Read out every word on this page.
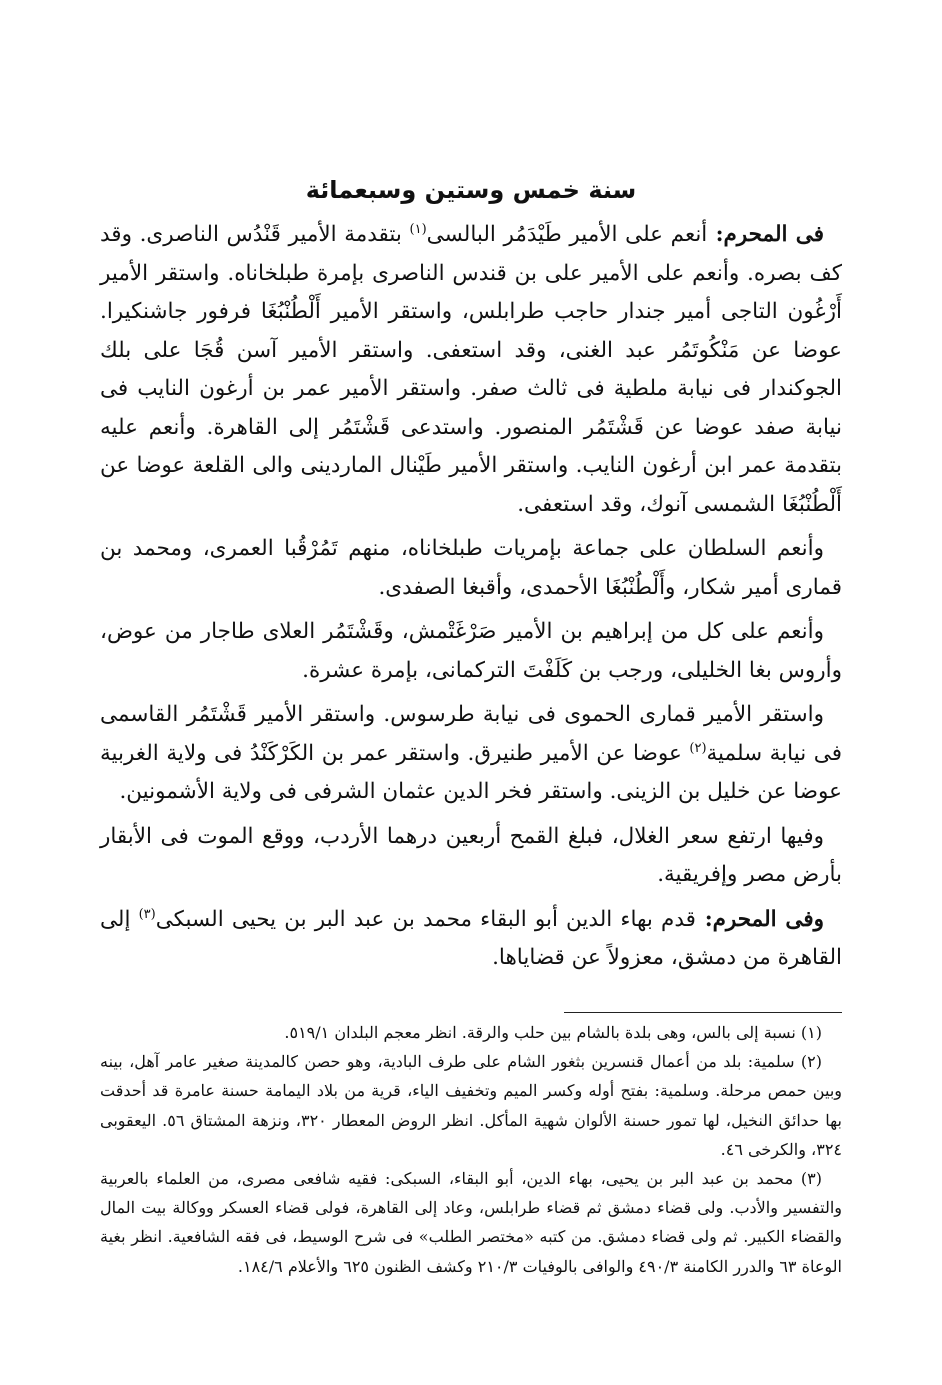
سنة خمس وستين وسبعمائة

فى المحرم: أنعم على الأمير طَيْدَمُر البالسى$^{(١)}$ بتقدمة الأمير قَنْدُس الناصرى. وقد كف بصره. وأنعم على الأمير على بن قندس الناصرى بإمرة طبلخاناه. واستقر الأمير أَرْغُون التاجى أمير جندار حاجب طرابلس، واستقر الأمير أَلْطُنْبُغَا فرفور جاشنكيرا. عوضا عن مَنْكُوتَمُر عبد الغنى، وقد استعفى. واستقر الأمير آسن قُجَا على بلك الجوكندار فى نيابة ملطية فى ثالث صفر. واستقر الأمير عمر بن أرغون النايب فى نيابة صفد عوضا عن قَشْتَمُر المنصور. واستدعى قَشْتَمُر إلى القاهرة. وأنعم عليه بتقدمة عمر ابن أرغون النايب. واستقر الأمير طَيْنال الماردينى والى القلعة عوضا عن أَلْطُنْبُغَا الشمسى آنوك، وقد استعفى.

وأنعم السلطان على جماعة بإمريات طبلخاناه، منهم تَمُرْقُبا العمرى، ومحمد بن قمارى أمير شكار، وأَلْطُنْبُغَا الأحمدى، وأقبغا الصفدى.

وأنعم على كل من إبراهيم بن الأمير صَرْغَتْمش، وقَشْتَمُر العلاى طاجار من عوض، وأروس بغا الخليلى، ورجب بن كَلَفْتَ التركمانى، بإمرة عشرة.

واستقر الأمير قمارى الحموى فى نيابة طرسوس. واستقر الأمير قَشْتَمُر القاسمى فى نيابة سلمية$^{(٢)}$ عوضا عن الأمير طنيرق. واستقر عمر بن الكَرْكَنْدُ فى ولاية الغربية عوضا عن خليل بن الزينى. واستقر فخر الدين عثمان الشرفى فى ولاية الأشمونين.

وفيها ارتفع سعر الغلال، فبلغ القمح أربعين درهما الأردب، ووقع الموت فى الأبقار بأرض مصر وإفريقية.

وفى المحرم: قدم بهاء الدين أبو البقاء محمد بن عبد البر بن يحيى السبكى$^{(٣)}$ إلى القاهرة من دمشق، معزولاً عن قضاياها.

(١) نسبة إلى بالس، وهى بلدة بالشام بين حلب والرقة. انظر معجم البلدان ٥١٩/١.

(٢) سلمية: بلد من أعمال قنسرين بثغور الشام على طرف البادية، وهو حصن كالمدينة صغير عامر آهل، بينه وبين حمص مرحلة. وسلمية: بفتح أوله وكسر الميم وتخفيف الياء، قرية من بلاد اليمامة حسنة عامرة قد أحدقت بها حدائق النخيل، لها تمور حسنة الألوان شهية المأكل. انظر الروض المعطار ٣٢٠، ونزهة المشتاق ٥٦. اليعقوبى ٣٢٤، والكرخى ٤٦.

(٣) محمد بن عبد البر بن يحيى، بهاء الدين، أبو البقاء، السبكى: فقيه شافعى مصرى، من العلماء بالعربية والتفسير والأدب. ولى قضاء دمشق ثم قضاء طرابلس، وعاد إلى القاهرة، فولى قضاء العسكر ووكالة بيت المال والقضاء الكبير. ثم ولى قضاء دمشق. من كتبه «مختصر الطلب» فى شرح الوسيط، فى فقه الشافعية. انظر بغية الوعاة ٦٣ والدرر الكامنة ٤٩٠/٣ والوافى بالوفيات ٢١٠/٣ وكشف الظنون ٦٢٥ والأعلام ١٨٤/٦.
